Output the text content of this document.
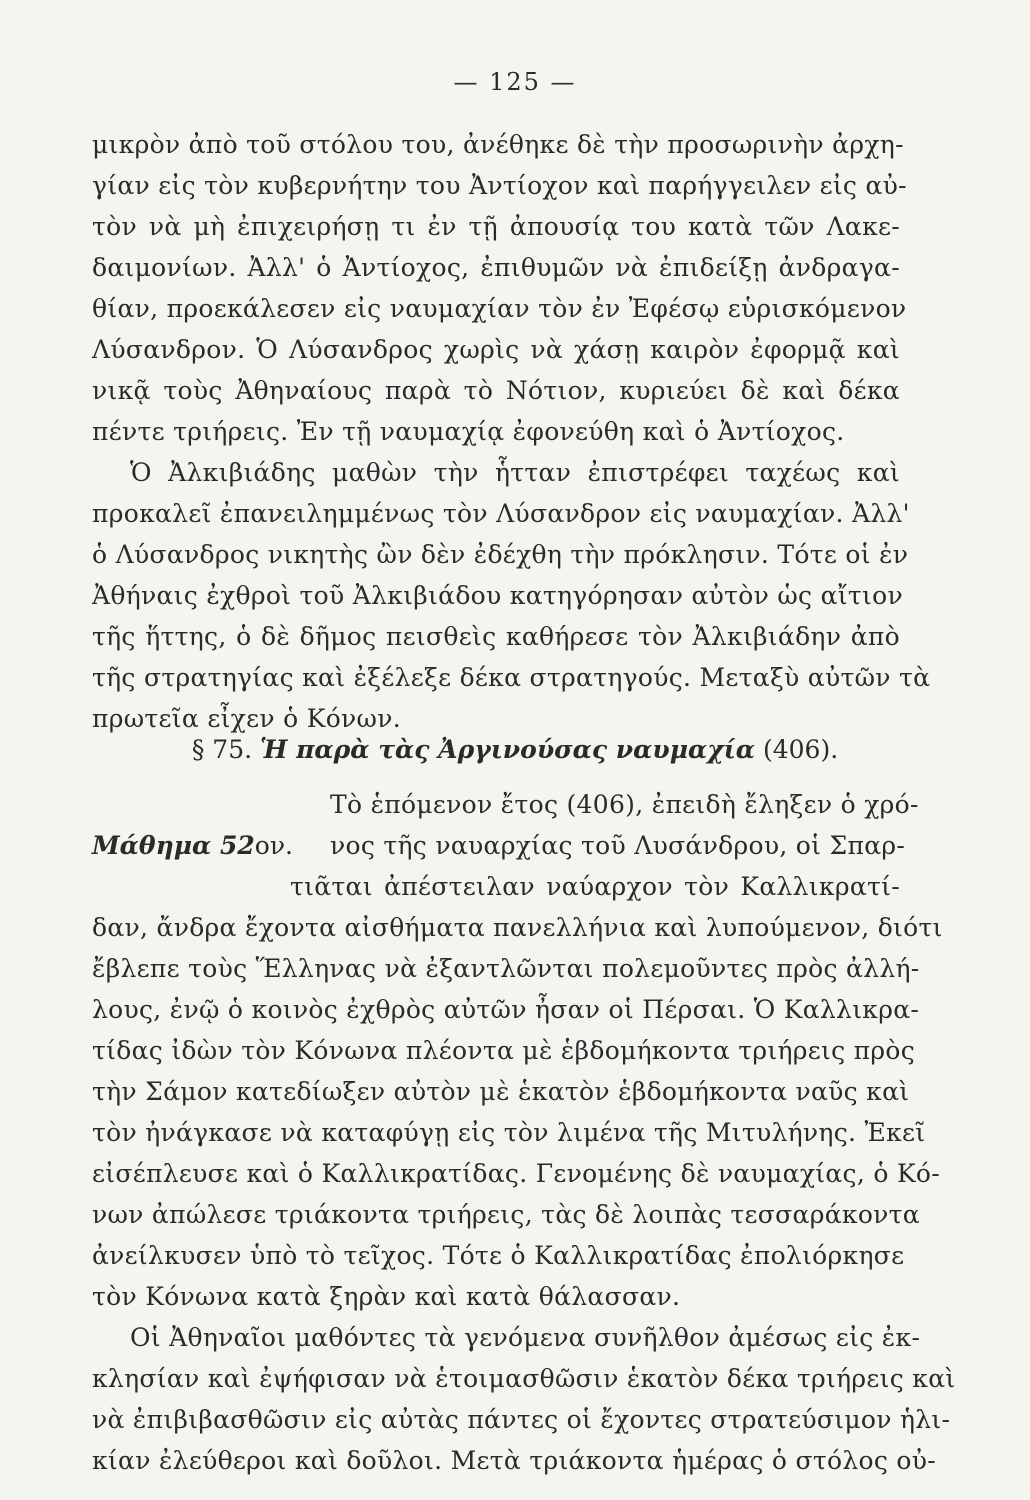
— 125 —
μικρὸν ἀπὸ τοῦ στόλου του, ἀνέθηκε δὲ τὴν προσωρινὴν ἀρχη-
γίαν εἰς τὸν κυβερνήτην του Ἀντίοχον καὶ παρήγγειλεν εἰς αὐ-
τὸν νὰ μὴ ἐπιχειρήσῃ τι ἐν τῇ ἀπουσίᾳ του κατὰ τῶν Λακε-
δαιμονίων. Ἀλλ' ὁ Ἀντίοχος, ἐπιθυμῶν νὰ ἐπιδείξῃ ἀνδραγα-
θίαν, προεκάλεσεν εἰς ναυμαχίαν τὸν ἐν Ἐφέσῳ εὑρισκόμενον
Λύσανδρον. Ὁ Λύσανδρος χωρὶς νὰ χάσῃ καιρὸν ἐφορμᾷ καὶ
νικᾷ τοὺς Ἀθηναίους παρὰ τὸ Νότιον, κυριεύει δὲ καὶ δέκα
πέντε τριήρεις. Ἐν τῇ ναυμαχίᾳ ἐφονεύθη καὶ ὁ Ἀντίοχος.
Ὁ Ἀλκιβιάδης μαθὼν τὴν ἧτταν ἐπιστρέφει ταχέως καὶ
προκαλεῖ ἐπανειλημμένως τὸν Λύσανδρον εἰς ναυμαχίαν. Ἀλλ'
ὁ Λύσανδρος νικητὴς ὢν δὲν ἐδέχθη τὴν πρόκλησιν. Τότε οἱ ἐν
Ἀθήναις ἐχθροὶ τοῦ Ἀλκιβιάδου κατηγόρησαν αὐτὸν ὡς αἴτιον
τῆς ἥττης, ὁ δὲ δῆμος πεισθεὶς καθήρεσε τὸν Ἀλκιβιάδην ἀπὸ
τῆς στρατηγίας καὶ ἐξέλεξε δέκα στρατηγούς. Μεταξὺ αὐτῶν τὰ
πρωτεῖα εἶχεν ὁ Κόνων.
§ 75. Ἡ παρὰ τὰς Ἀργινούσας ναυμαχία (406).
Τὸ ἑπόμενον ἔτος (406), ἐπειδὴ ἔληξεν ὁ χρό-
Μάθημα 52ον. νος τῆς ναυαρχίας τοῦ Λυσάνδρου, οἱ Σπαρ-
τιᾶται ἀπέστειλαν ναύαρχον τὸν Καλλικρατί-
δαν, ἄνδρα ἔχοντα αἰσθήματα πανελλήνια καὶ λυπούμενον, διότι
ἔβλεπε τοὺς Ἕλληνας νὰ ἐξαντλῶνται πολεμοῦντες πρὸς ἀλλή-
λους, ἐνῷ ὁ κοινὸς ἐχθρὸς αὐτῶν ἦσαν οἱ Πέρσαι. Ὁ Καλλικρα-
τίδας ἰδὼν τὸν Κόνωνα πλέοντα μὲ ἑβδομήκοντα τριήρεις πρὸς
τὴν Σάμον κατεδίωξεν αὐτὸν μὲ ἑκατὸν ἑβδομήκοντα ναῦς καὶ
τὸν ἠνάγκασε νὰ καταφύγῃ εἰς τὸν λιμένα τῆς Μιτυλήνης. Ἐκεῖ
εἰσέπλευσε καὶ ὁ Καλλικρατίδας. Γενομένης δὲ ναυμαχίας, ὁ Κό-
νων ἀπώλεσε τριάκοντα τριήρεις, τὰς δὲ λοιπὰς τεσσαράκοντα
ἀνείλκυσεν ὑπὸ τὸ τεῖχος. Τότε ὁ Καλλικρατίδας ἐπολιόρκησε
τὸν Κόνωνα κατὰ ξηρὰν καὶ κατὰ θάλασσαν.
Οἱ Ἀθηναῖοι μαθόντες τὰ γενόμενα συνῆλθον ἀμέσως εἰς ἐκ-
κλησίαν καὶ ἐψήφισαν νὰ ἑτοιμασθῶσιν ἑκατὸν δέκα τριήρεις καὶ
νὰ ἐπιβιβασθῶσιν εἰς αὐτὰς πάντες οἱ ἔχοντες στρατεύσιμον ἡλι-
κίαν ἐλεύθεροι καὶ δοῦλοι. Μετὰ τριάκοντα ἡμέρας ὁ στόλος οὐ-
